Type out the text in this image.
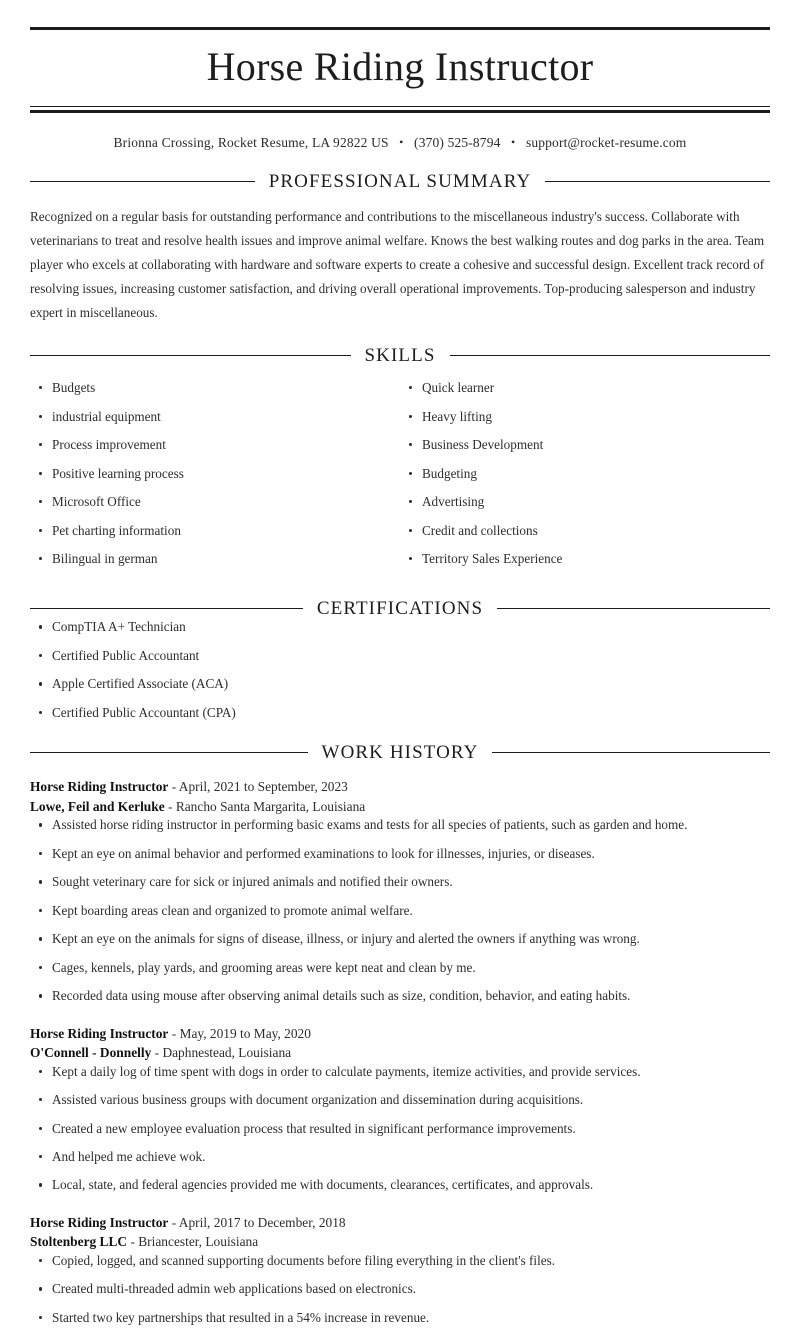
Horse Riding Instructor
Brionna Crossing, Rocket Resume, LA 92822 US • (370) 525-8794 • support@rocket-resume.com
PROFESSIONAL SUMMARY

Recognized on a regular basis for outstanding performance and contributions to the miscellaneous industry's success. Collaborate with veterinarians to treat and resolve health issues and improve animal welfare. Knows the best walking routes and dog parks in the area. Team player who excels at collaborating with hardware and software experts to create a cohesive and successful design. Excellent track record of resolving issues, increasing customer satisfaction, and driving overall operational improvements. Top-producing salesperson and industry expert in miscellaneous.

SKILLS
Budgets
industrial equipment
Process improvement
Positive learning process
Microsoft Office
Pet charting information
Bilingual in german
Quick learner
Heavy lifting
Business Development
Budgeting
Advertising
Credit and collections
Territory Sales Experience
CERTIFICATIONS
CompTIA A+ Technician
Certified Public Accountant
Apple Certified Associate (ACA)
Certified Public Accountant (CPA)
WORK HISTORY
Horse Riding Instructor - April, 2021 to September, 2023
Lowe, Feil and Kerluke - Rancho Santa Margarita, Louisiana
Assisted horse riding instructor in performing basic exams and tests for all species of patients, such as garden and home.
Kept an eye on animal behavior and performed examinations to look for illnesses, injuries, or diseases.
Sought veterinary care for sick or injured animals and notified their owners.
Kept boarding areas clean and organized to promote animal welfare.
Kept an eye on the animals for signs of disease, illness, or injury and alerted the owners if anything was wrong.
Cages, kennels, play yards, and grooming areas were kept neat and clean by me.
Recorded data using mouse after observing animal details such as size, condition, behavior, and eating habits.
Horse Riding Instructor - May, 2019 to May, 2020
O'Connell - Donnelly - Daphnestead, Louisiana
Kept a daily log of time spent with dogs in order to calculate payments, itemize activities, and provide services.
Assisted various business groups with document organization and dissemination during acquisitions.
Created a new employee evaluation process that resulted in significant performance improvements.
And helped me achieve wok.
Local, state, and federal agencies provided me with documents, clearances, certificates, and approvals.
Horse Riding Instructor - April, 2017 to December, 2018
Stoltenberg LLC - Briancester, Louisiana
Copied, logged, and scanned supporting documents before filing everything in the client's files.
Created multi-threaded admin web applications based on electronics.
Started two key partnerships that resulted in a 54% increase in revenue.
